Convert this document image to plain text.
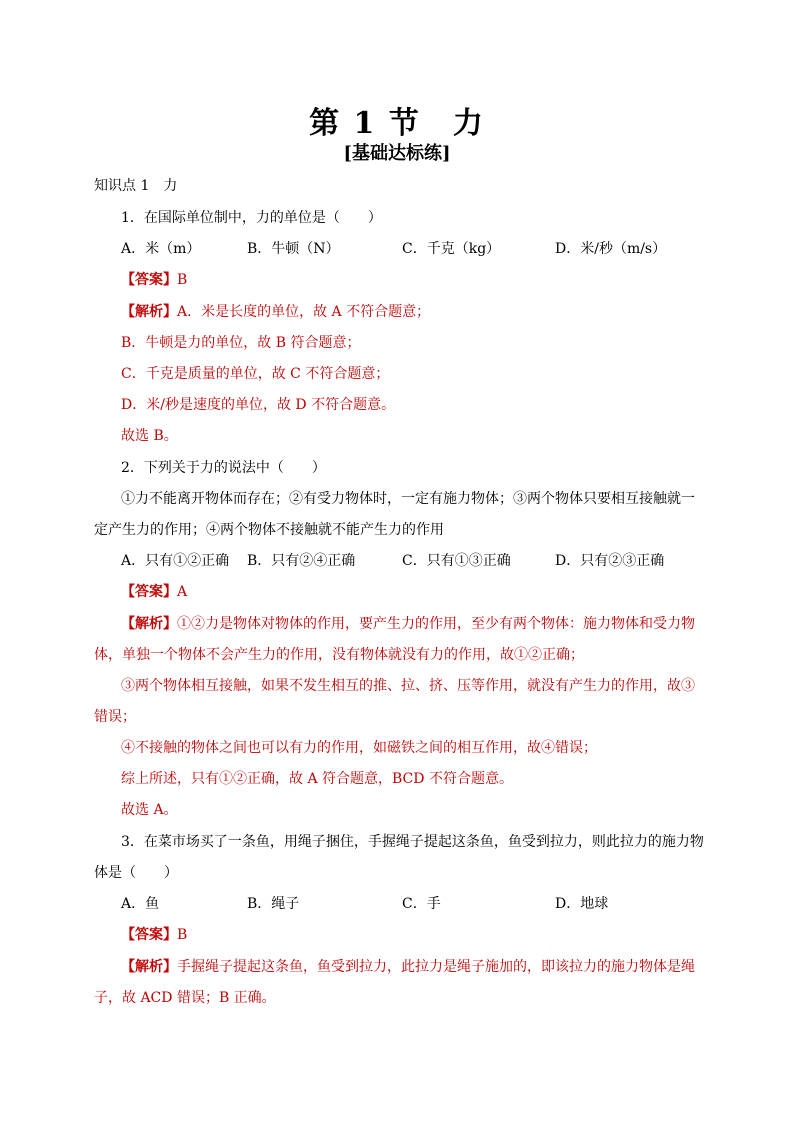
第 1 节　力
[基础达标练]
知识点 1　力
1．在国际单位制中，力的单位是（　　）
A．米（m）	B．牛顿（N）	C．千克（kg）	D．米/秒（m/s）
【答案】B
【解析】A．米是长度的单位，故 A 不符合题意；
B．牛顿是力的单位，故 B 符合题意；
C．千克是质量的单位，故 C 不符合题意；
D．米/秒是速度的单位，故 D 不符合题意。
故选 B。
2．下列关于力的说法中（　　）
①力不能离开物体而存在；②有受力物体时，一定有施力物体；③两个物体只要相互接触就一
定产生力的作用；④两个物体不接触就不能产生力的作用
A．只有①②正确 B．只有②④正确	C．只有①③正确	D．只有②③正确
【答案】A
【解析】①②力是物体对物体的作用，要产生力的作用，至少有两个物体：施力物体和受力物
体，单独一个物体不会产生力的作用，没有物体就没有力的作用，故①②正确；
③两个物体相互接触，如果不发生相互的推、拉、挤、压等作用，就没有产生力的作用，故③
错误；
④不接触的物体之间也可以有力的作用，如磁铁之间的相互作用，故④错误；
综上所述，只有①②正确，故 A 符合题意，BCD 不符合题意。
故选 A。
3．在菜市场买了一条鱼，用绳子捆住，手握绳子提起这条鱼，鱼受到拉力，则此拉力的施力物
体是（　　）
A．鱼	B．绳子	C．手	D．地球
【答案】B
【解析】手握绳子提起这条鱼，鱼受到拉力，此拉力是绳子施加的，即该拉力的施力物体是绳
子，故 ACD 错误；B 正确。
